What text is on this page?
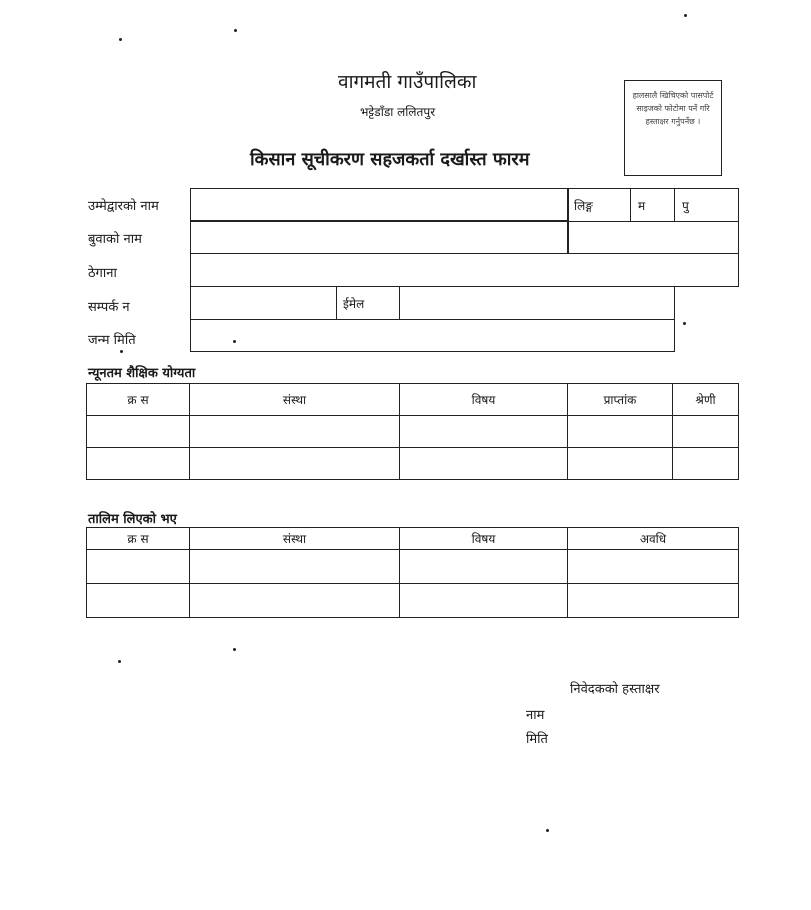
वागमती गाउँपालिका
भट्टेडाँडा ललितपुर
किसान सूचीकरण सहजकर्ता दर्खास्त फारम
हालसालै खिचिएको पासपोर्ट साइजको फोटोमा पर्ने गरि हस्ताक्षर गर्नुपर्नेछ ।
उम्मेद्वारको नाम	लिङ्ग	म	पु
बुवाको नाम
ठेगाना
सम्पर्क न	ईमेल
जन्म मिति
न्यूनतम शैक्षिक योग्यता
क्र स	संस्था	विषय	प्राप्तांक	श्रेणी

तालिम लिएको भए
क्र स	संस्था	विषय	अवधि

निवेदकको हस्ताक्षर
नाम
मिति
